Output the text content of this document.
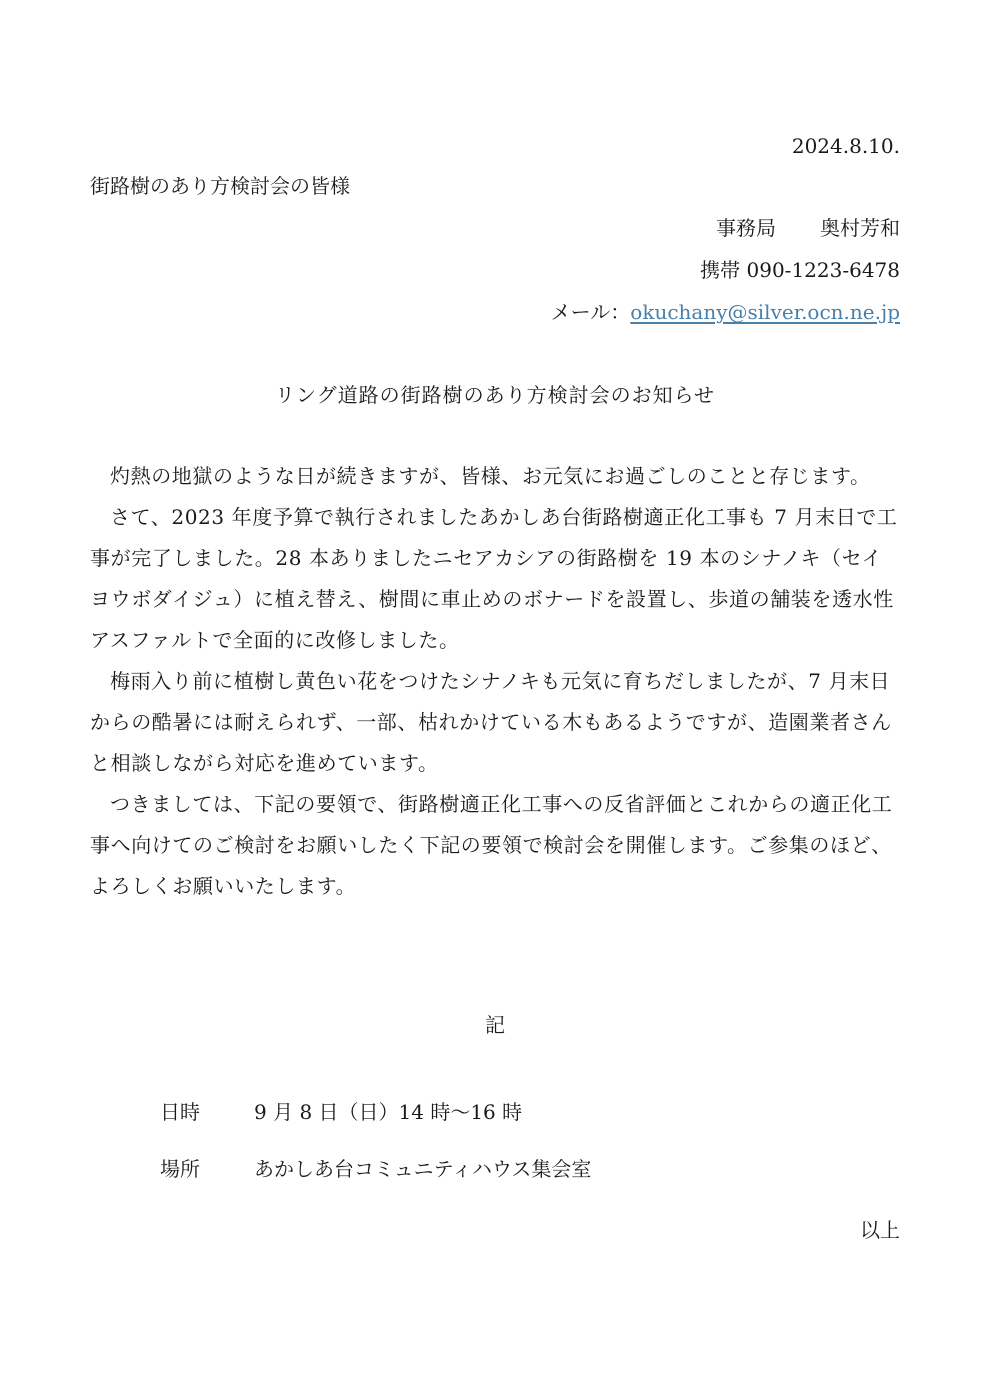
2024.8.10.
街路樹のあり方検討会の皆様
事務局 奥村芳和
携帯 090-1223-6478
メール：okuchany@silver.ocn.ne.jp
リング道路の街路樹のあり方検討会のお知らせ

灼熱の地獄のような日が続きますが、皆様、お元気にお過ごしのことと存じます。

さて、2023 年度予算で執行されましたあかしあ台街路樹適正化工事も 7 月末日で工事が完了しました。28 本ありましたニセアカシアの街路樹を 19 本のシナノキ（セイヨウボダイジュ）に植え替え、樹間に車止めのボナードを設置し、歩道の舗装を透水性アスファルトで全面的に改修しました。

梅雨入り前に植樹し黄色い花をつけたシナノキも元気に育ちだしましたが、7 月末日からの酷暑には耐えられず、一部、枯れかけている木もあるようですが、造園業者さんと相談しながら対応を進めています。

つきましては、下記の要領で、街路樹適正化工事への反省評価とこれからの適正化工事へ向けてのご検討をお願いしたく下記の要領で検討会を開催します。ご参集のほど、よろしくお願いいたします。

記
日時	9 月 8 日（日）14 時～16 時
場所	あかしあ台コミュニティハウス集会室
以上
